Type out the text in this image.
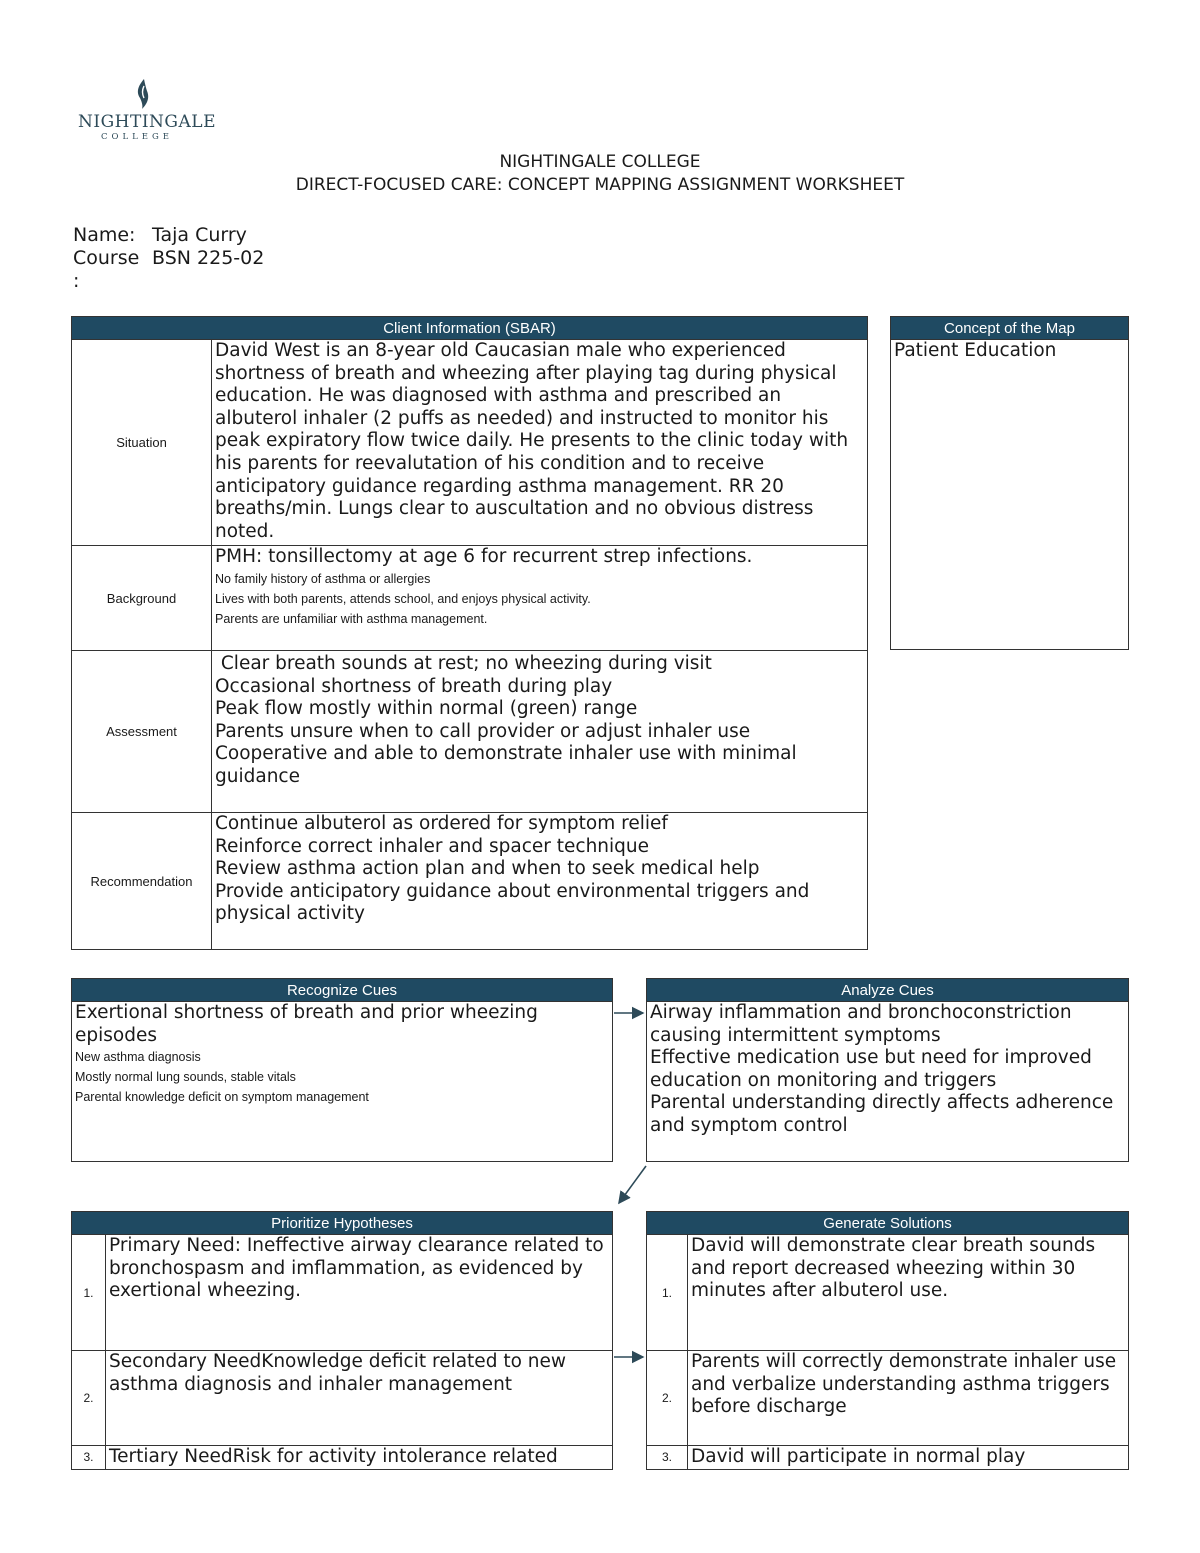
NIGHTINGALE
COLLEGE
NIGHTINGALE COLLEGE
DIRECT-FOCUSED CARE: CONCEPT MAPPING ASSIGNMENT WORKSHEET
Name: Taja Curry
Course BSN 225-02
:
Client Information (SBAR)	
Situation	David West is an 8-year old Caucasian male who experienced shortness of breath and wheezing after playing tag during physical education. He was diagnosed with asthma and prescribed an albuterol inhaler (2 puffs as needed) and instructed to monitor his peak expiratory flow twice daily. He presents to the clinic today with his parents for reevalutation of his condition and to receive anticipatory guidance regarding asthma management. RR 20 breaths/min. Lungs clear to auscultation and no obvious distress noted.
Background	PMH: tonsillectomy at age 6 for recurrent strep infections.
No family history of asthma or allergies
Lives with both parents, attends school, and enjoys physical activity.
Parents are unfamiliar with asthma management.

Assessment	Clear breath sounds at rest; no wheezing during visit
Occasional shortness of breath during play
Peak flow mostly within normal (green) range
Parents unsure when to call provider or adjust inhaler use
Cooperative and able to demonstrate inhaler use with minimal guidance

Recommendation	Continue albuterol as ordered for symptom relief
Reinforce correct inhaler and spacer technique
Review asthma action plan and when to seek medical help
Provide anticipatory guidance about environmental triggers and physical activity
Concept of the Map
Patient Education
Recognize Cues

Exertional shortness of breath and prior wheezing episodes
New asthma diagnosis
Mostly normal lung sounds, stable vitals
Parental knowledge deficit on symptom management
Analyze Cues

Airway inflammation and bronchoconstriction causing intermittent symptoms
Effective medication use but need for improved education on monitoring and triggers
Parental understanding directly affects adherence and symptom control
Prioritize Hypotheses	
1.	Primary Need: Ineffective airway clearance related to bronchospasm and imflammation, as evidenced by exertional wheezing.
2.	Secondary NeedKnowledge deficit related to new asthma diagnosis and inhaler management
3.	Tertiary NeedRisk for activity intolerance related
Generate Solutions	
1.	David will demonstrate clear breath sounds and report decreased wheezing within 30 minutes after albuterol use.
2.	Parents will correctly demonstrate inhaler use and verbalize understanding asthma triggers before discharge
3.	David will participate in normal play
